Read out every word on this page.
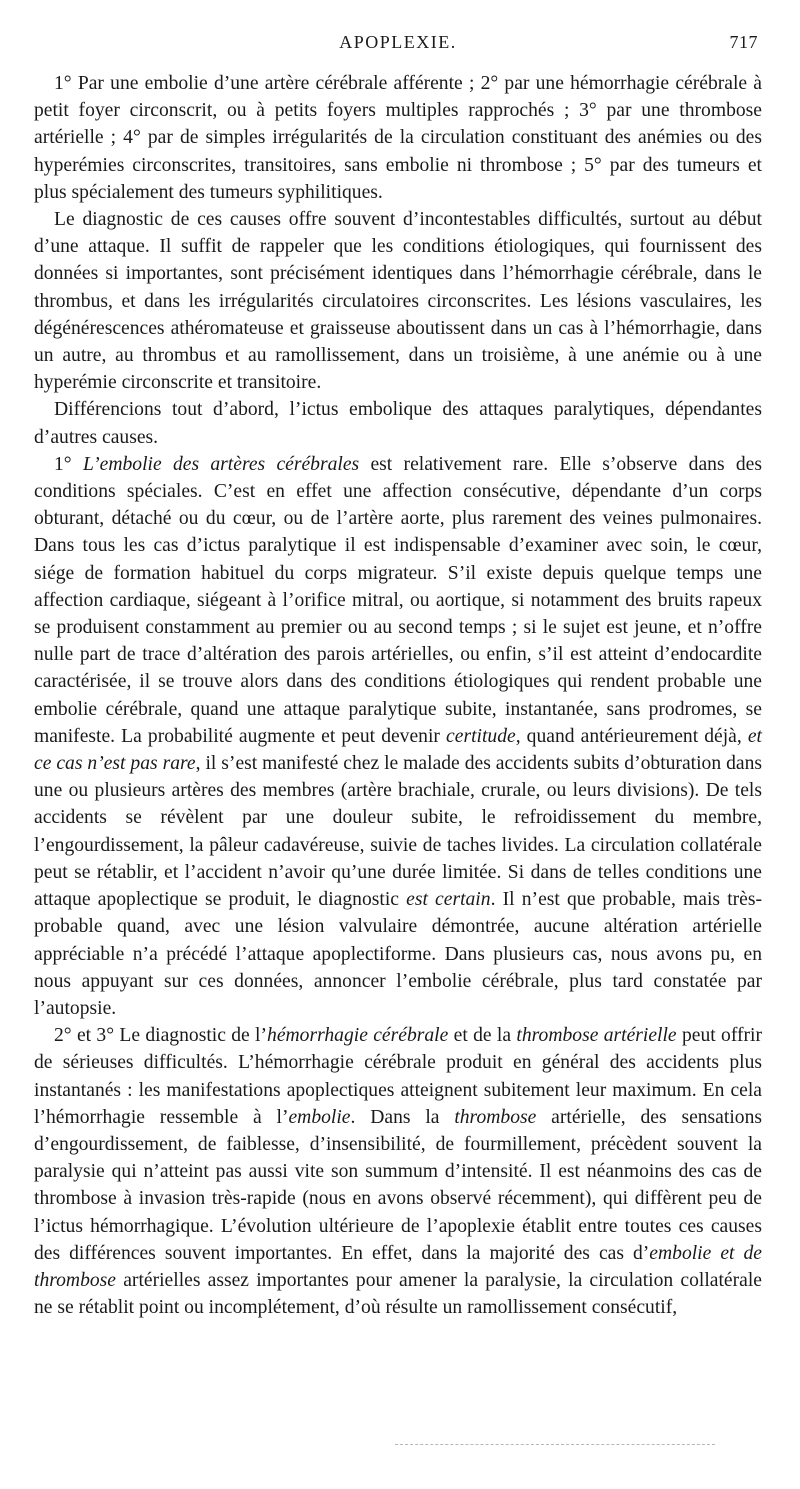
APOPLEXIE.	717

1° Par une embolie d’une artère cérébrale afférente ; 2° par une hémorrhagie cérébrale à petit foyer circonscrit, ou à petits foyers multiples rapprochés ; 3° par une thrombose artérielle ; 4° par de simples irrégularités de la circulation constituant des anémies ou des hyperémies circonscrites, transitoires, sans embolie ni thrombose ; 5° par des tumeurs et plus spécialement des tumeurs syphilitiques.

Le diagnostic de ces causes offre souvent d’incontestables difficultés, surtout au début d’une attaque. Il suffit de rappeler que les conditions étiologiques, qui fournissent des données si importantes, sont précisément identiques dans l’hémorrhagie cérébrale, dans le thrombus, et dans les irrégularités circulatoires circonscrites. Les lésions vasculaires, les dégénérescences athéromateuse et graisseuse aboutissent dans un cas à l’hémorrhagie, dans un autre, au thrombus et au ramollissement, dans un troisième, à une anémie ou à une hyperémie circonscrite et transitoire.

Différencions tout d’abord, l’ictus embolique des attaques paralytiques, dépendantes d’autres causes.

1° L’embolie des artères cérébrales est relativement rare. Elle s’observe dans des conditions spéciales. C’est en effet une affection consécutive, dépendante d’un corps obturant, détaché ou du cœur, ou de l’artère aorte, plus rarement des veines pulmonaires. Dans tous les cas d’ictus paralytique il est indispensable d’examiner avec soin, le cœur, siége de formation habituel du corps migrateur. S’il existe depuis quelque temps une affection cardiaque, siégeant à l’orifice mitral, ou aortique, si notamment des bruits rapeux se produisent constamment au premier ou au second temps ; si le sujet est jeune, et n’offre nulle part de trace d’altération des parois artérielles, ou enfin, s’il est atteint d’endocardite caractérisée, il se trouve alors dans des conditions étiologiques qui rendent probable une embolie cérébrale, quand une attaque paralytique subite, instantanée, sans prodromes, se manifeste. La probabilité augmente et peut devenir certitude, quand antérieurement déjà, et ce cas n’est pas rare, il s’est manifesté chez le malade des accidents subits d’obturation dans une ou plusieurs artères des membres (artère brachiale, crurale, ou leurs divisions). De tels accidents se révèlent par une douleur subite, le refroidissement du membre, l’engourdissement, la pâleur cadavéreuse, suivie de taches livides. La circulation collatérale peut se rétablir, et l’accident n’avoir qu’une durée limitée. Si dans de telles conditions une attaque apoplectique se produit, le diagnostic est certain. Il n’est que probable, mais très-probable quand, avec une lésion valvulaire démontrée, aucune altération artérielle appréciable n’a précédé l’attaque apoplectiforme. Dans plusieurs cas, nous avons pu, en nous appuyant sur ces données, annoncer l’embolie cérébrale, plus tard constatée par l’autopsie.

2° et 3° Le diagnostic de l’hémorrhagie cérébrale et de la thrombose artérielle peut offrir de sérieuses difficultés. L’hémorrhagie cérébrale produit en général des accidents plus instantanés : les manifestations apoplectiques atteignent subitement leur maximum. En cela l’hémorrhagie ressemble à l’embolie. Dans la thrombose artérielle, des sensations d’engourdissement, de faiblesse, d’insensibilité, de fourmillement, précèdent souvent la paralysie qui n’atteint pas aussi vite son summum d’intensité. Il est néanmoins des cas de thrombose à invasion très-rapide (nous en avons observé récemment), qui diffèrent peu de l’ictus hémorrhagique. L’évolution ultérieure de l’apoplexie établit entre toutes ces causes des différences souvent importantes. En effet, dans la majorité des cas d’embolie et de thrombose artérielles assez importantes pour amener la paralysie, la circulation collatérale ne se rétablit point ou incomplétement, d’où résulte un ramollissement consécutif,
